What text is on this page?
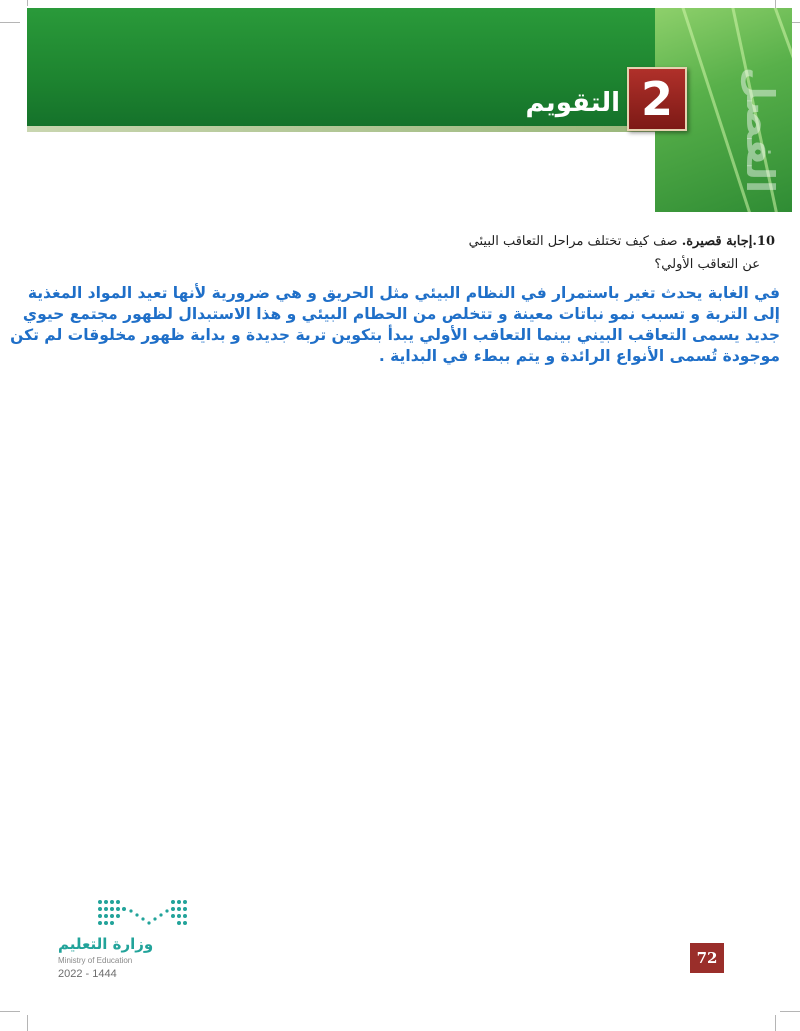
الفصل
2
التقويم
10.إجابة قصيرة. صف كيف تختلف مراحل التعاقب البيئي
عن التعاقب الأولي؟

في الغابة يحدث تغير باستمرار في النظام البيئي مثل الحريق و هي ضرورية لأنها تعيد المواد المغذية

إلى التربة و تسبب نمو نباتات معينة و تتخلص من الحطام البيئي و هذا الاستبدال لظهور مجتمع حيوي

جديد يسمى التعاقب البيني بينما التعاقب الأولي يبدأ بتكوين تربة جديدة و بداية ظهور مخلوقات لم تكن

موجودة تُسمى الأنواع الرائدة و يتم ببطء في البداية .

وزارة التعليم
Ministry of Education
2022 - 1444
72
